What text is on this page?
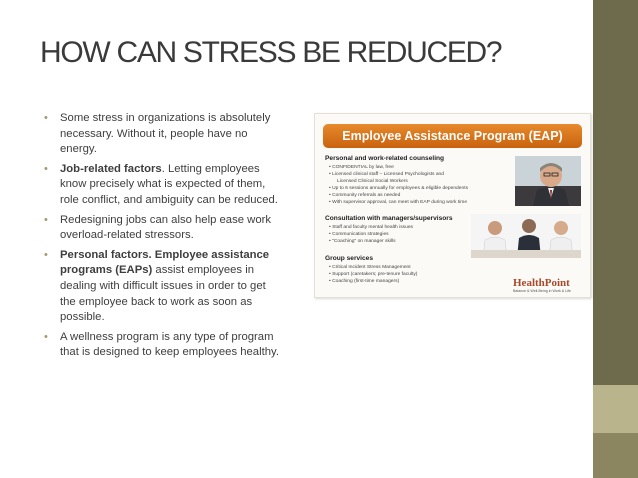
HOW CAN STRESS BE REDUCED?
• Some stress in organizations is absolutely necessary. Without it, people have no energy.
• Job-related factors. Letting employees know precisely what is expected of them, role conflict, and ambiguity can be reduced.
• Redesigning jobs can also help ease work overload-related stressors.
• Personal factors. Employee assistance programs (EAPs) assist employees in dealing with difficult issues in order to get the employee back to work as soon as possible.
• A wellness program is any type of program that is designed to keep employees healthy.
Employee Assistance Program (EAP)
Personal and work-related counseling
• CONFIDENTIAL by law, free
• Licensed clinical staff – Licensed Psychologists and
Licensed Clinical Social Workers
• Up to 6 sessions annually for employees & eligible dependents
• Community referrals as needed
• With supervisor approval, can meet with EAP during work time
Consultation with managers/supervisors
• Staff and faculty mental health issues
• Communication strategies
• "Coaching" on manager skills
Group services
• Critical Incident Stress Management
• Support (caretakers; pre-tenure faculty)
• Coaching (first-time managers)	HealthPoint
Balance & Well-Being in Work & Life
